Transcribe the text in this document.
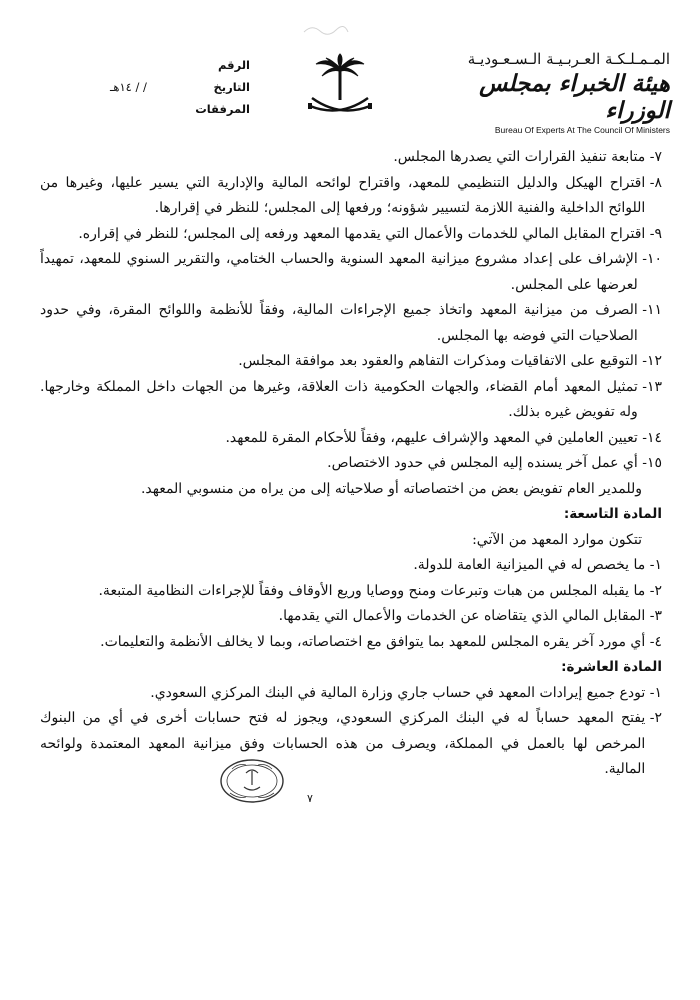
المـمـلـكـة العـربـيـة الـسـعـوديـة
هيئة الخبراء بمجلس الوزراء
Bureau Of Experts At The Council Of Ministers
الرقم
التاريخ
/ / ١٤هـ
المرفقات
٧-
متابعة تنفيذ القرارات التي يصدرها المجلس.
٨-
اقتراح الهيكل والدليل التنظيمي للمعهد، واقتراح لوائحه المالية والإدارية التي يسير عليها، وغيرها من اللوائح الداخلية والفنية اللازمة لتسيير شؤونه؛ ورفعها إلى المجلس؛ للنظر في إقرارها.
٩-
اقتراح المقابل المالي للخدمات والأعمال التي يقدمها المعهد ورفعه إلى المجلس؛ للنظر في إقراره.
١٠-
الإشراف على إعداد مشروع ميزانية المعهد السنوية والحساب الختامي، والتقرير السنوي للمعهد، تمهيداً لعرضها على المجلس.
١١-
الصرف من ميزانية المعهد واتخاذ جميع الإجراءات المالية، وفقاً للأنظمة واللوائح المقرة، وفي حدود الصلاحيات التي فوضه بها المجلس.
١٢-
التوقيع على الاتفاقيات ومذكرات التفاهم والعقود بعد موافقة المجلس.
١٣-
تمثيل المعهد أمام القضاء، والجهات الحكومية ذات العلاقة، وغيرها من الجهات داخل المملكة وخارجها. وله تفويض غيره بذلك.
١٤-
تعيين العاملين في المعهد والإشراف عليهم، وفقاً للأحكام المقرة للمعهد.
١٥-
أي عمل آخر يسنده إليه المجلس في حدود الاختصاص.

وللمدير العام تفويض بعض من اختصاصاته أو صلاحياته إلى من يراه من منسوبي المعهد.

المادة التاسعة:

تتكون موارد المعهد من الآتي:

١-
ما يخصص له في الميزانية العامة للدولة.
٢-
ما يقبله المجلس من هبات وتبرعات ومنح ووصايا وريع الأوقاف وفقاً للإجراءات النظامية المتبعة.
٣-
المقابل المالي الذي يتقاضاه عن الخدمات والأعمال التي يقدمها.
٤-
أي مورد آخر يقره المجلس للمعهد بما يتوافق مع اختصاصاته، وبما لا يخالف الأنظمة والتعليمات.

المادة العاشرة:

١-
تودع جميع إيرادات المعهد في حساب جاري وزارة المالية في البنك المركزي السعودي.
٢-
يفتح المعهد حساباً له في البنك المركزي السعودي، ويجوز له فتح حسابات أخرى في أي من البنوك المرخص لها بالعمل في المملكة، ويصرف من هذه الحسابات وفق ميزانية المعهد المعتمدة ولوائحه المالية.
٧
